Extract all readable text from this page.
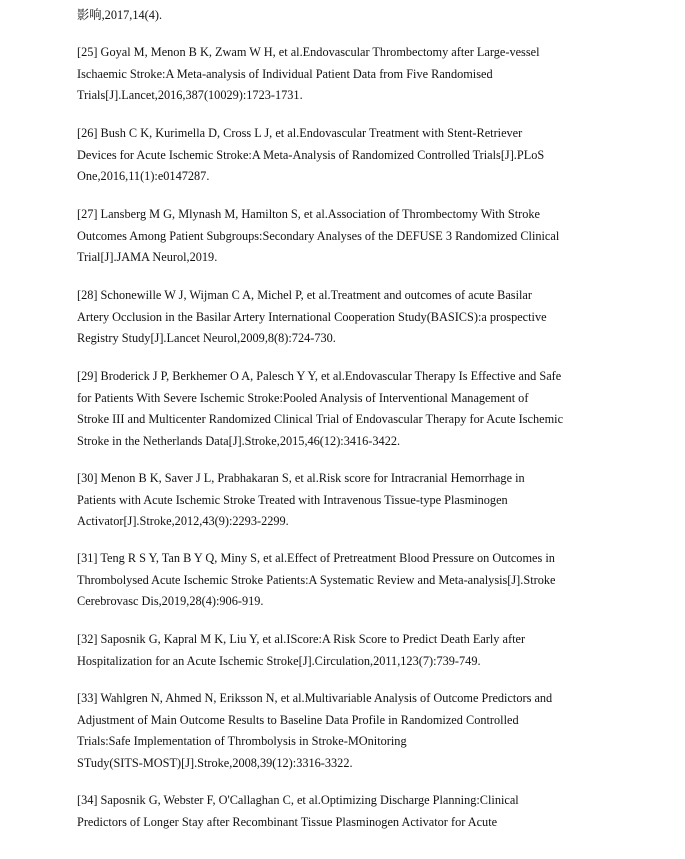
影响,2017,14(4).

[25] Goyal M, Menon B K, Zwam W H, et al.Endovascular Thrombectomy after Large-vessel
Ischaemic Stroke:A Meta-analysis of Individual Patient Data from Five Randomised
Trials[J].Lancet,2016,387(10029):1723-1731.

[26] Bush C K, Kurimella D, Cross L J, et al.Endovascular Treatment with Stent-Retriever
Devices for Acute Ischemic Stroke:A Meta-Analysis of Randomized Controlled Trials[J].PLoS
One,2016,11(1):e0147287.

[27] Lansberg M G, Mlynash M, Hamilton S, et al.Association of Thrombectomy With Stroke
Outcomes Among Patient Subgroups:Secondary Analyses of the DEFUSE 3 Randomized Clinical
Trial[J].JAMA Neurol,2019.

[28] Schonewille W J, Wijman C A, Michel P, et al.Treatment and outcomes of acute Basilar
Artery Occlusion in the Basilar Artery International Cooperation Study(BASICS):a prospective
Registry Study[J].Lancet Neurol,2009,8(8):724-730.

[29] Broderick J P, Berkhemer O A, Palesch Y Y, et al.Endovascular Therapy Is Effective and Safe
for Patients With Severe Ischemic Stroke:Pooled Analysis of Interventional Management of
Stroke III and Multicenter Randomized Clinical Trial of Endovascular Therapy for Acute Ischemic
Stroke in the Netherlands Data[J].Stroke,2015,46(12):3416-3422.

[30] Menon B K, Saver J L, Prabhakaran S, et al.Risk score for Intracranial Hemorrhage in
Patients with Acute Ischemic Stroke Treated with Intravenous Tissue-type Plasminogen
Activator[J].Stroke,2012,43(9):2293-2299.

[31] Teng R S Y, Tan B Y Q, Miny S, et al.Effect of Pretreatment Blood Pressure on Outcomes in
Thrombolysed Acute Ischemic Stroke Patients:A Systematic Review and Meta-analysis[J].Stroke
Cerebrovasc Dis,2019,28(4):906-919.

[32] Saposnik G, Kapral M K, Liu Y, et al.IScore:A Risk Score to Predict Death Early after
Hospitalization for an Acute Ischemic Stroke[J].Circulation,2011,123(7):739-749.

[33] Wahlgren N, Ahmed N, Eriksson N, et al.Multivariable Analysis of Outcome Predictors and
Adjustment of Main Outcome Results to Baseline Data Profile in Randomized Controlled
Trials:Safe Implementation of Thrombolysis in Stroke-MOnitoring
STudy(SITS-MOST)[J].Stroke,2008,39(12):3316-3322.

[34] Saposnik G, Webster F, O'Callaghan C, et al.Optimizing Discharge Planning:Clinical
Predictors of Longer Stay after Recombinant Tissue Plasminogen Activator for Acute
